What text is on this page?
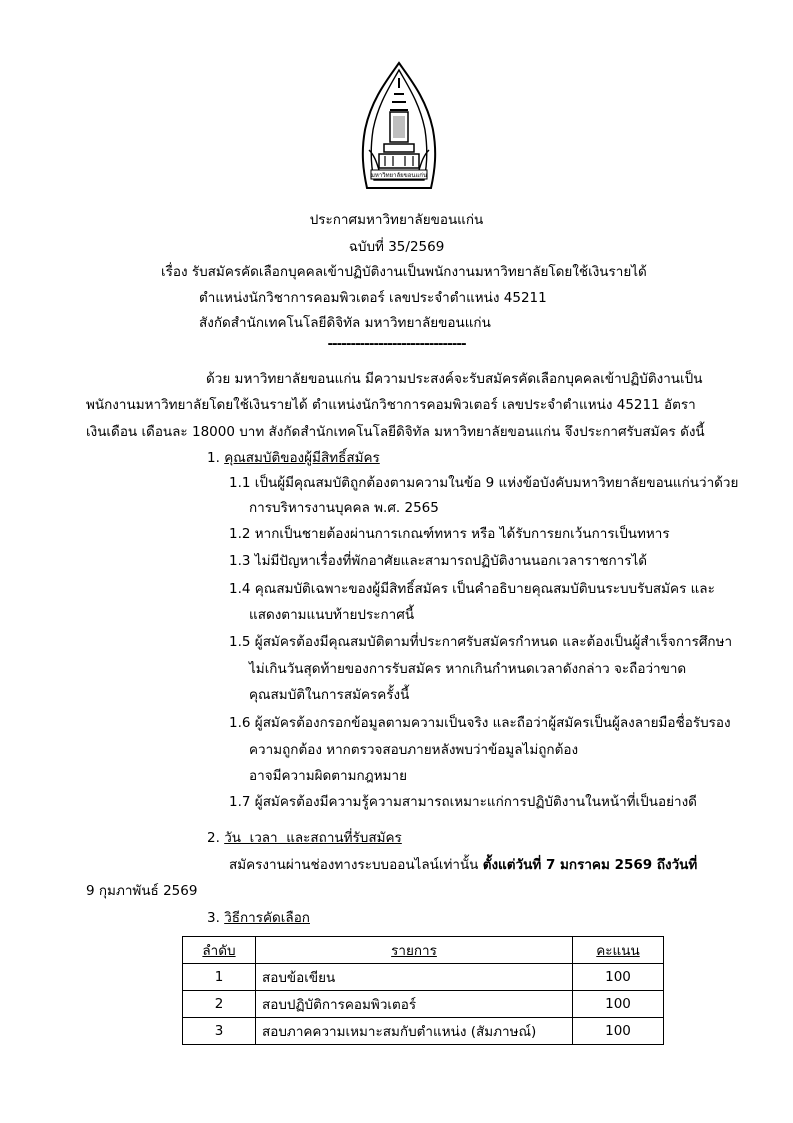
มหาวิทยาลัยขอนแก่น
ประกาศมหาวิทยาลัยขอนแก่น
ฉบับที่ 35/2569
เรื่อง รับสมัครคัดเลือกบุคคลเข้าปฏิบัติงานเป็นพนักงานมหาวิทยาลัยโดยใช้เงินรายได้
ตำแหน่งนักวิชาการคอมพิวเตอร์ เลขประจำตำแหน่ง 45211
สังกัดสำนักเทคโนโลยีดิจิทัล มหาวิทยาลัยขอนแก่น
------------------------------
ด้วย มหาวิทยาลัยขอนแก่น มีความประสงค์จะรับสมัครคัดเลือกบุคคลเข้าปฏิบัติงานเป็น
พนักงานมหาวิทยาลัยโดยใช้เงินรายได้ ตำแหน่งนักวิชาการคอมพิวเตอร์ เลขประจำตำแหน่ง 45211 อัตรา
เงินเดือน เดือนละ 18000 บาท สังกัดสำนักเทคโนโลยีดิจิทัล มหาวิทยาลัยขอนแก่น จึงประกาศรับสมัคร ดังนี้
1. คุณสมบัติของผู้มีสิทธิ์สมัคร
1.1 เป็นผู้มีคุณสมบัติถูกต้องตามความในข้อ 9 แห่งข้อบังคับมหาวิทยาลัยขอนแก่นว่าด้วย
การบริหารงานบุคคล พ.ศ. 2565
1.2 หากเป็นชายต้องผ่านการเกณฑ์ทหาร หรือ ได้รับการยกเว้นการเป็นทหาร
1.3 ไม่มีปัญหาเรื่องที่พักอาศัยและสามารถปฏิบัติงานนอกเวลาราชการได้
1.4 คุณสมบัติเฉพาะของผู้มีสิทธิ์สมัคร เป็นคำอธิบายคุณสมบัติบนระบบรับสมัคร และ
แสดงตามแนบท้ายประกาศนี้
1.5 ผู้สมัครต้องมีคุณสมบัติตามที่ประกาศรับสมัครกำหนด และต้องเป็นผู้สำเร็จการศึกษา
ไม่เกินวันสุดท้ายของการรับสมัคร หากเกินกำหนดเวลาดังกล่าว จะถือว่าขาด
คุณสมบัติในการสมัครครั้งนี้
1.6 ผู้สมัครต้องกรอกข้อมูลตามความเป็นจริง และถือว่าผู้สมัครเป็นผู้ลงลายมือชื่อรับรอง
ความถูกต้อง หากตรวจสอบภายหลังพบว่าข้อมูลไม่ถูกต้อง
อาจมีความผิดตามกฎหมาย
1.7 ผู้สมัครต้องมีความรู้ความสามารถเหมาะแก่การปฏิบัติงานในหน้าที่เป็นอย่างดี
2. วัน  เวลา  และสถานที่รับสมัคร
สมัครงานผ่านช่องทางระบบออนไลน์เท่านั้น ตั้งแต่วันที่ 7 มกราคม 2569 ถึงวันที่
9 กุมภาพันธ์ 2569
3. วิธีการคัดเลือก
ลำดับ	รายการ	คะแนน
1	สอบข้อเขียน	100
2	สอบปฏิบัติการคอมพิวเตอร์	100
3	สอบภาคความเหมาะสมกับตำแหน่ง (สัมภาษณ์)	100
